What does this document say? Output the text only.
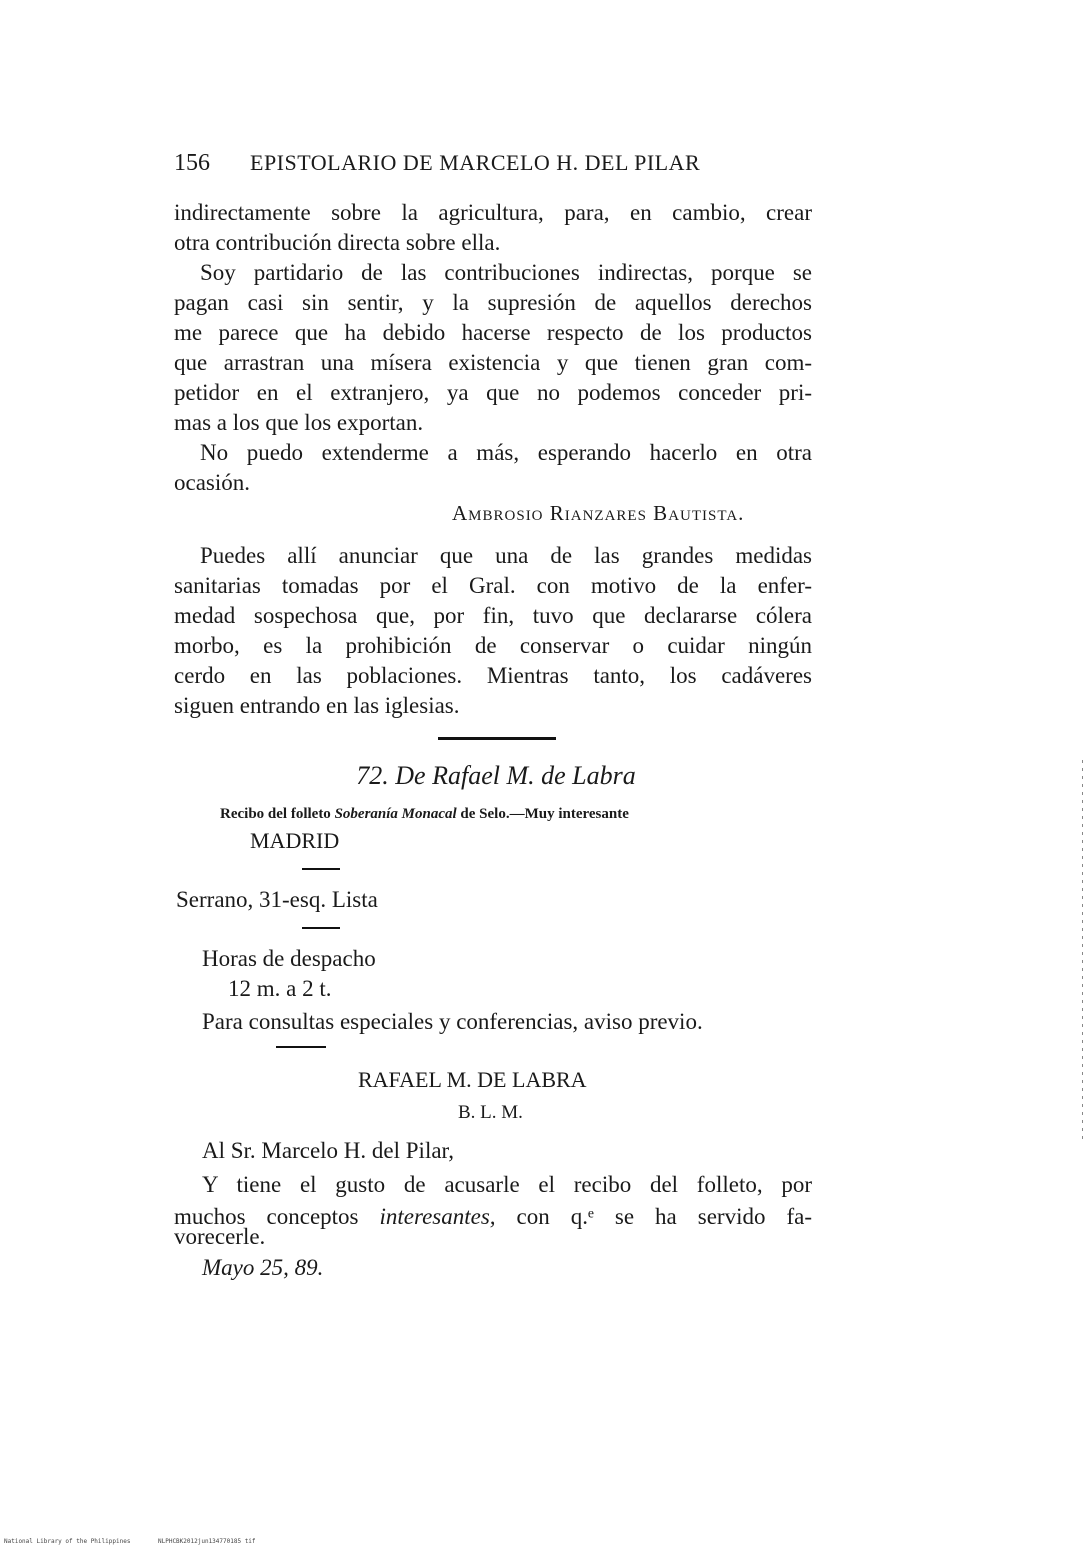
156 EPISTOLARIO DE MARCELO H. DEL PILAR
indirectamente sobre la agricultura, para, en cambio, crear
otra contribución directa sobre ella.
Soy partidario de las contribuciones indirectas, porque se
pagan casi sin sentir, y la supresión de aquellos derechos
me parece que ha debido hacerse respecto de los productos
que arrastran una mísera existencia y que tienen gran com-
petidor en el extranjero, ya que no podemos conceder pri-
mas a los que los exportan.
No puedo extenderme a más, esperando hacerlo en otra
ocasión.
Ambrosio Rianzares Bautista.
Puedes allí anunciar que una de las grandes medidas
sanitarias tomadas por el Gral. con motivo de la enfer-
medad sospechosa que, por fin, tuvo que declararse cólera
morbo, es la prohibición de conservar o cuidar ningún
cerdo en las poblaciones. Mientras tanto, los cadáveres
siguen entrando en las iglesias.
72. De Rafael M. de Labra
Recibo del folleto Soberanía Monacal de Selo.—Muy interesante
MADRID
Serrano, 31-esq. Lista
Horas de despacho
12 m. a 2 t.
Para consultas especiales y conferencias, aviso previo.
RAFAEL M. DE LABRA
B. L. M.
Al Sr. Marcelo H. del Pilar,
Y tiene el gusto de acusarle el recibo del folleto, por
muchos conceptos interesantes, con q.ᵉ se ha servido fa-
vorecerle.
Mayo 25, 89.
National Library of the Philippines	NLPHCBK2012jun134770185 tif
